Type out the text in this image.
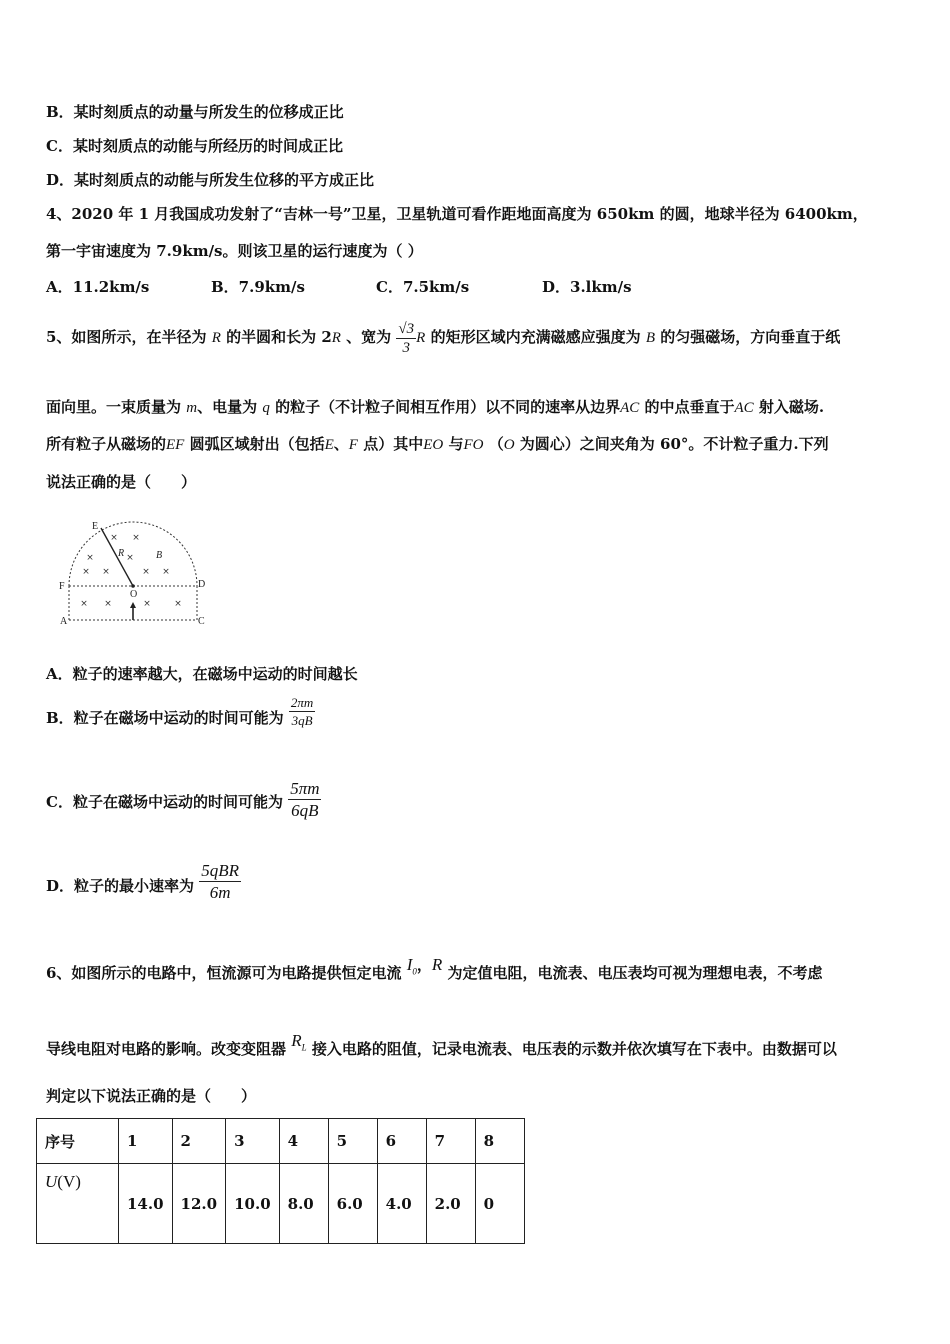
B．某时刻质点的动量与所发生的位移成正比
C．某时刻质点的动能与所经历的时间成正比
D．某时刻质点的动能与所发生位移的平方成正比
4、2020 年 1 月我国成功发射了“吉林一号”卫星，卫星轨道可看作距地面高度为 650km 的圆，地球半径为 6400km，
第一宇宙速度为 7.9km/s。则该卫星的运行速度为（ ）
A．11.2km/s	B．7.9km/s	C．7.5km/s	D．3.lkm/s
5、如图所示，在半径为 R 的半圆和长为 2R 、宽为 $\frac{√3}{3}$ R 的矩形区域内充满磁感应强度为 B 的匀强磁场，方向垂直于纸
面向里。一束质量为 m、电量为 q 的粒子（不计粒子间相互作用）以不同的速率从边界AC 的中点垂直于AC 射入磁场.
所有粒子从磁场的EF 圆弧区域射出（包括E、F 点）其中EO 与FO （O 为圆心）之间夹角为 60°。不计粒子重力.下列
说法正确的是（　　）
× ×
×	×
× ×	× ×
× ×	×	×
E
R	B
F	D
O
A	C
A．粒子的速率越大，在磁场中运动的时间越长
B．粒子在磁场中运动的时间可能为 $\frac{2\pi m}{3qB}$
C．粒子在磁场中运动的时间可能为 $\frac{5\pi m}{6qB}$
D．粒子的最小速率为 $\frac{\text{5qBR}}{6m}$
6、如图所示的电路中，恒流源可为电路提供恒定电流 $I_0$，R 为定值电阻，电流表、电压表均可视为理想电表，不考虑
导线电阻对电路的影响。改变变阻器 $R_L$ 接入电路的阻值，记录电流表、电压表的示数并依次填写在下表中。由数据可以
判定以下说法正确的是（　　）
序号	1	2	3	4	5	6	7	8
U(V)	14.0	12.0	10.0	8.0	6.0	4.0	2.0	0
